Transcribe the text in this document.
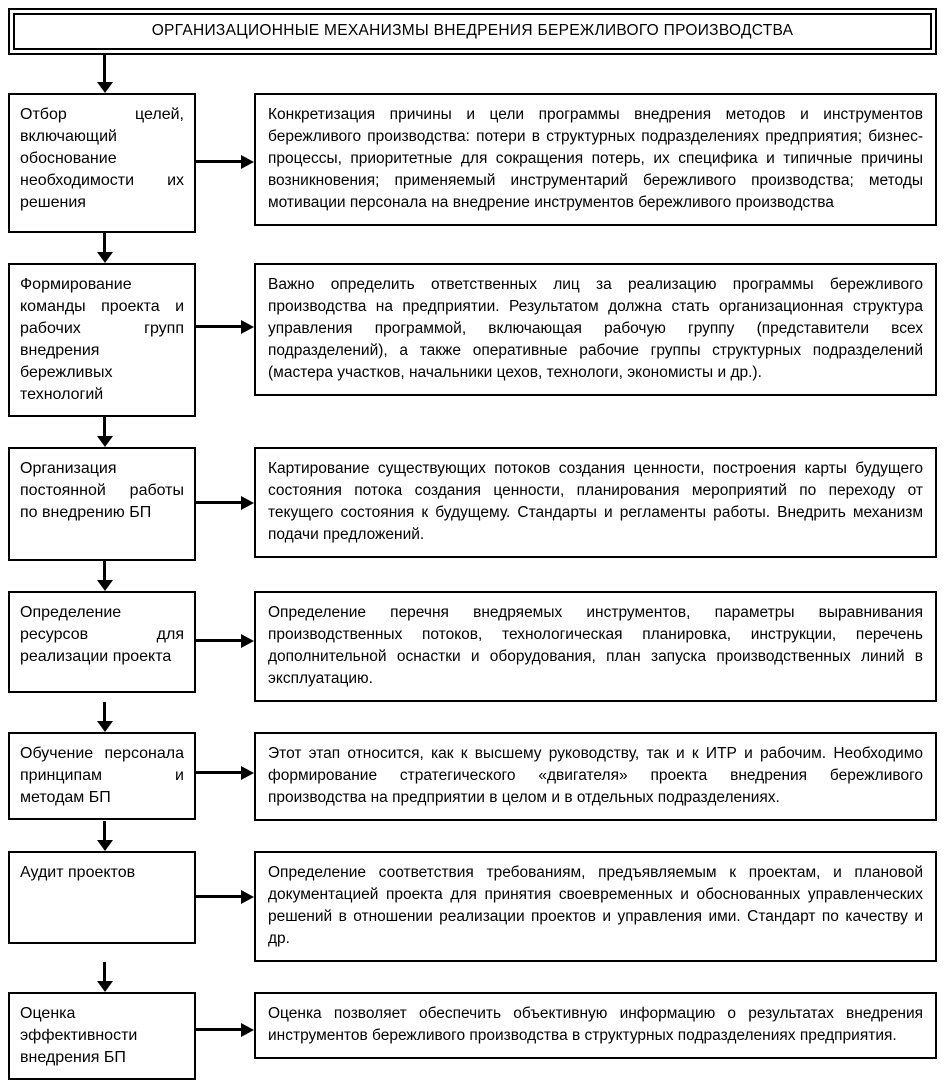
ОРГАНИЗАЦИОННЫЕ МЕХАНИЗМЫ ВНЕДРЕНИЯ БЕРЕЖЛИВОГО ПРОИЗВОДСТВА
Отбор целей, включающий обоснование необходимости их решения
Конкретизация причины и цели программы внедрения методов и инструментов бережливого производства: потери в структурных подразделениях предприятия; бизнес-процессы, приоритетные для сокращения потерь, их специфика и типичные причины возникновения; применяемый инструментарий бережливого производства; методы мотивации персонала на внедрение инструментов бережливого производства
Формирование команды проекта и рабочих групп внедрения бережливых технологий
Важно определить ответственных лиц за реализацию программы бережливого производства на предприятии. Результатом должна стать организационная структура управления программой, включающая рабочую группу (представители всех подразделений), а также оперативные рабочие группы структурных подразделений (мастера участков, начальники цехов, технологи, экономисты и др.).
Организация постоянной работы по внедрению БП
Картирование существующих потоков создания ценности, построения карты будущего состояния потока создания ценности, планирования мероприятий по переходу от текущего состояния к будущему. Стандарты и регламенты работы. Внедрить механизм подачи предложений.
Определение ресурсов для реализации проекта
Определение перечня внедряемых инструментов, параметры выравнивания производственных потоков, технологическая планировка, инструкции, перечень дополнительной оснастки и оборудования, план запуска производственных линий в эксплуатацию.
Обучение персонала принципам и методам БП
Этот этап относится, как к высшему руководству, так и к ИТР и рабочим. Необходимо формирование стратегического «двигателя» проекта внедрения бережливого производства на предприятии в целом и в отдельных подразделениях.
Аудит проектов	Определение соответствия требованиям, предъявляемым к проектам, и плановой документацией проекта для принятия своевременных и обоснованных управленческих решений в отношении реализации проектов и управления ими. Стандарт по качеству и др.
Оценка эффективности внедрения БП
Оценка позволяет обеспечить объективную информацию о результатах внедрения инструментов бережливого производства в структурных подразделениях предприятия.
